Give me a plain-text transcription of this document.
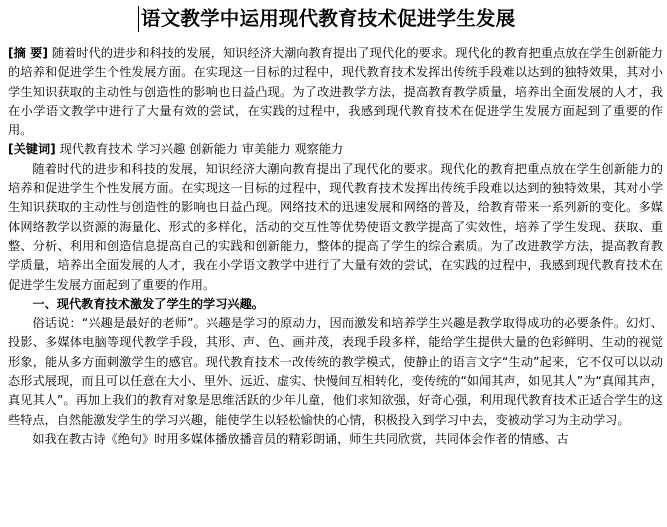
语文教学中运用现代教育技术促进学生发展

[摘 要] 随着时代的进步和科技的发展，知识经济大潮向教育提出了现代化的要求。现代化的教育把重点放在学生创新能力的培养和促进学生个性发展方面。在实现这一目标的过程中，现代教育技术发挥出传统手段难以达到的独特效果，其对小学生知识获取的主动性与创造性的影响也日益凸现。为了改进教学方法，提高教育教学质量，培养出全面发展的人才，我在小学语文教学中进行了大量有效的尝试，在实践的过程中，我感到现代教育技术在促进学生发展方面起到了重要的作用。

[关键词] 现代教育技术 学习兴趣 创新能力 审美能力 观察能力

随着时代的进步和科技的发展，知识经济大潮向教育提出了现代化的要求。现代化的教育把重点放在学生创新能力的培养和促进学生个性发展方面。在实现这一目标的过程中，现代教育技术发挥出传统手段难以达到的独特效果，其对小学生知识获取的主动性与创造性的影响也日益凸现。网络技术的迅速发展和网络的普及，给教育带来一系列新的变化。多媒体网络教学以资源的海量化、形式的多样化，活动的交互性等优势使语文教学提高了实效性，培养了学生发现、获取、重整、分析、利用和创造信息提高自己的实践和创新能力，整体的提高了学生的综合素质。为了改进教学方法，提高教育教学质量，培养出全面发展的人才，我在小学语文教学中进行了大量有效的尝试，在实践的过程中，我感到现代教育技术在促进学生发展方面起到了重要的作用。

一、现代教育技术激发了学生的学习兴趣。

俗话说：“兴趣是最好的老师”。兴趣是学习的原动力，因而激发和培养学生兴趣是教学取得成功的必要条件。幻灯、投影、多媒体电脑等现代教学手段，其形、声、色、画并茂，表现手段多样，能给学生提供大量的色彩鲜明、生动的视觉形象，能从多方面刺激学生的感官。现代教育技术一改传统的教学模式，使静止的语言文字“生动”起来，它不仅可以以动态形式展现，而且可以任意在大小、里外、远近、虚实、快慢间互相转化，变传统的“如闻其声，如见其人”为“真闻其声，真见其人”。再加上我们的教育对象是思维活跃的少年儿童，他们求知欲强，好奇心强，利用现代教育技术正适合学生的这些特点，自然能激发学生的学习兴趣，能使学生以轻松愉快的心情，积极投入到学习中去，变被动学习为主动学习。

如我在教古诗《绝句》时用多媒体播放播音员的精彩朗诵，师生共同欣赏，共同体会作者的情感、古
